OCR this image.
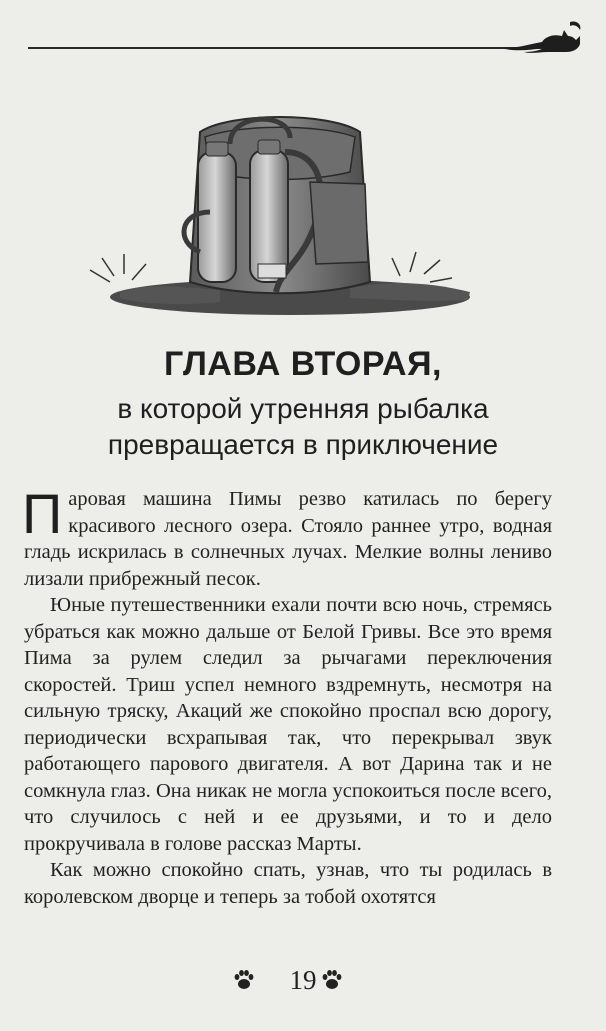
ГЛАВА ВТОРАЯ,
в которой утренняя рыбалка
превращается в приключение

Паровая машина Пимы резво катилась по берегу красивого лесного озера. Стояло раннее утро, водная гладь искрилась в солнечных лучах. Мелкие волны лениво лизали прибрежный песок.

Юные путешественники ехали почти всю ночь, стремясь убраться как можно дальше от Белой Гривы. Все это время Пима за рулем следил за рычагами переключения скоростей. Триш успел немного вздремнуть, несмотря на сильную тряску, Акаций же спокойно проспал всю дорогу, периодически всхрапывая так, что перекрывал звук работающего парового двигателя. А вот Дарина так и не сомкнула глаз. Она никак не могла успокоиться после всего, что случилось с ней и ее друзьями, и то и дело прокручивала в голове рассказ Марты.

Как можно спокойно спать, узнав, что ты родилась в королевском дворце и теперь за тобой охотятся

19
